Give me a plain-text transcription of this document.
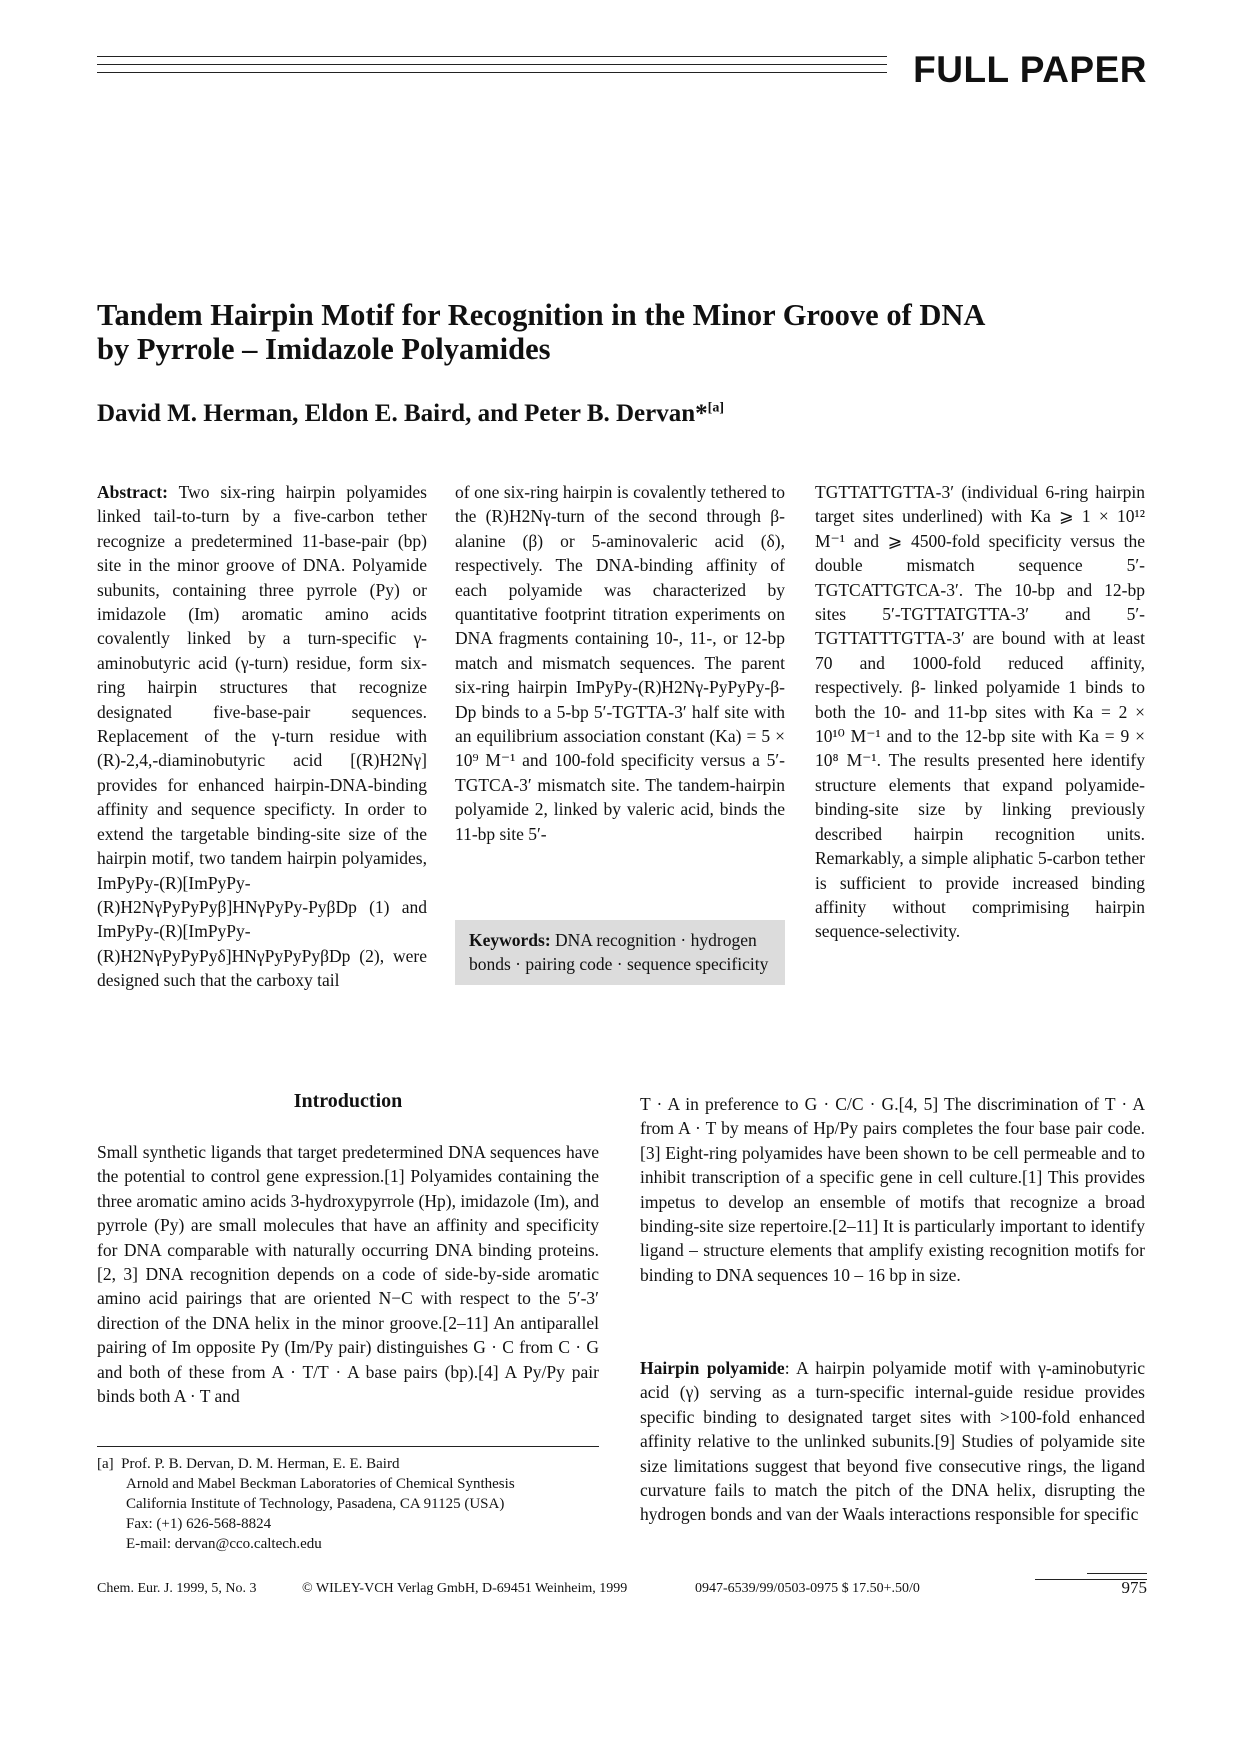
FULL PAPER
Tandem Hairpin Motif for Recognition in the Minor Groove of DNA by Pyrrole – Imidazole Polyamides

David M. Herman, Eldon E. Baird, and Peter B. Dervan*[a]

Abstract: Two six-ring hairpin polyamides linked tail-to-turn by a five-carbon tether recognize a predetermined 11-base-pair (bp) site in the minor groove of DNA. Polyamide subunits, containing three pyrrole (Py) or imidazole (Im) aromatic amino acids covalently linked by a turn-specific γ-aminobutyric acid (γ-turn) residue, form six-ring hairpin structures that recognize designated five-base-pair sequences. Replacement of the γ-turn residue with (R)-2,4,-diaminobutyric acid [(R)H2Nγ] provides for enhanced hairpin-DNA-binding affinity and sequence specificty. In order to extend the targetable binding-site size of the hairpin motif, two tandem hairpin polyamides, ImPyPy-(R)[ImPyPy-(R)H2NγPyPyPyβ]HNγPyPy-PyβDp (1) and ImPyPy-(R)[ImPyPy-(R)H2NγPyPyPyδ]HNγPyPyPyβDp (2), were designed such that the carboxy tail

of one six-ring hairpin is covalently tethered to the (R)H2Nγ-turn of the second through β-alanine (β) or 5-aminovaleric acid (δ), respectively. The DNA-binding affinity of each polyamide was characterized by quantitative footprint titration experiments on DNA fragments containing 10-, 11-, or 12-bp match and mismatch sequences. The parent six-ring hairpin ImPyPy-(R)H2Nγ-PyPyPy-β-Dp binds to a 5-bp 5′-TGTTA-3′ half site with an equilibrium association constant (Ka) = 5 × 10⁹ M⁻¹ and 100-fold specificity versus a 5′-TGTCA-3′ mismatch site. The tandem-hairpin polyamide 2, linked by valeric acid, binds the 11-bp site 5′-

Keywords: DNA recognition · hydrogen bonds · pairing code · sequence specificity

TGTTATTGTTA-3′ (individual 6-ring hairpin target sites underlined) with Ka ⩾ 1 × 10¹² M⁻¹ and ⩾ 4500-fold specificity versus the double mismatch sequence 5′-TGTCATTGTCA-3′. The 10-bp and 12-bp sites 5′-TGTTATGTTA-3′ and 5′-TGTTATTTGTTA-3′ are bound with at least 70 and 1000-fold reduced affinity, respectively. β- linked polyamide 1 binds to both the 10- and 11-bp sites with Ka = 2 × 10¹⁰ M⁻¹ and to the 12-bp site with Ka = 9 × 10⁸ M⁻¹. The results presented here identify structure elements that expand polyamide-binding-site size by linking previously described hairpin recognition units. Remarkably, a simple aliphatic 5-carbon tether is sufficient to provide increased binding affinity without comprimising hairpin sequence-selectivity.

Introduction

Small synthetic ligands that target predetermined DNA sequences have the potential to control gene expression.[1] Polyamides containing the three aromatic amino acids 3-hydroxypyrrole (Hp), imidazole (Im), and pyrrole (Py) are small molecules that have an affinity and specificity for DNA comparable with naturally occurring DNA binding proteins.[2, 3] DNA recognition depends on a code of side-by-side aromatic amino acid pairings that are oriented N−C with respect to the 5′-3′ direction of the DNA helix in the minor groove.[2–11] An antiparallel pairing of Im opposite Py (Im/Py pair) distinguishes G · C from C · G and both of these from A · T/T · A base pairs (bp).[4] A Py/Py pair binds both A · T and

T · A in preference to G · C/C · G.[4, 5] The discrimination of T · A from A · T by means of Hp/Py pairs completes the four base pair code.[3] Eight-ring polyamides have been shown to be cell permeable and to inhibit transcription of a specific gene in cell culture.[1] This provides impetus to develop an ensemble of motifs that recognize a broad binding-site size repertoire.[2–11] It is particularly important to identify ligand – structure elements that amplify existing recognition motifs for binding to DNA sequences 10 – 16 bp in size.

Hairpin polyamide: A hairpin polyamide motif with γ-aminobutyric acid (γ) serving as a turn-specific internal-guide residue provides specific binding to designated target sites with >100-fold enhanced affinity relative to the unlinked subunits.[9] Studies of polyamide site size limitations suggest that beyond five consecutive rings, the ligand curvature fails to match the pitch of the DNA helix, disrupting the hydrogen bonds and van der Waals interactions responsible for specific

[a] Prof. P. B. Dervan, D. M. Herman, E. E. Baird
Arnold and Mabel Beckman Laboratories of Chemical Synthesis
California Institute of Technology, Pasadena, CA 91125 (USA)
Fax: (+1) 626-568-8824
E-mail: dervan@cco.caltech.edu
Chem. Eur. J. 1999, 5, No. 3	© WILEY-VCH Verlag GmbH, D-69451 Weinheim, 1999	0947-6539/99/0503-0975 $ 17.50+.50/0	975
